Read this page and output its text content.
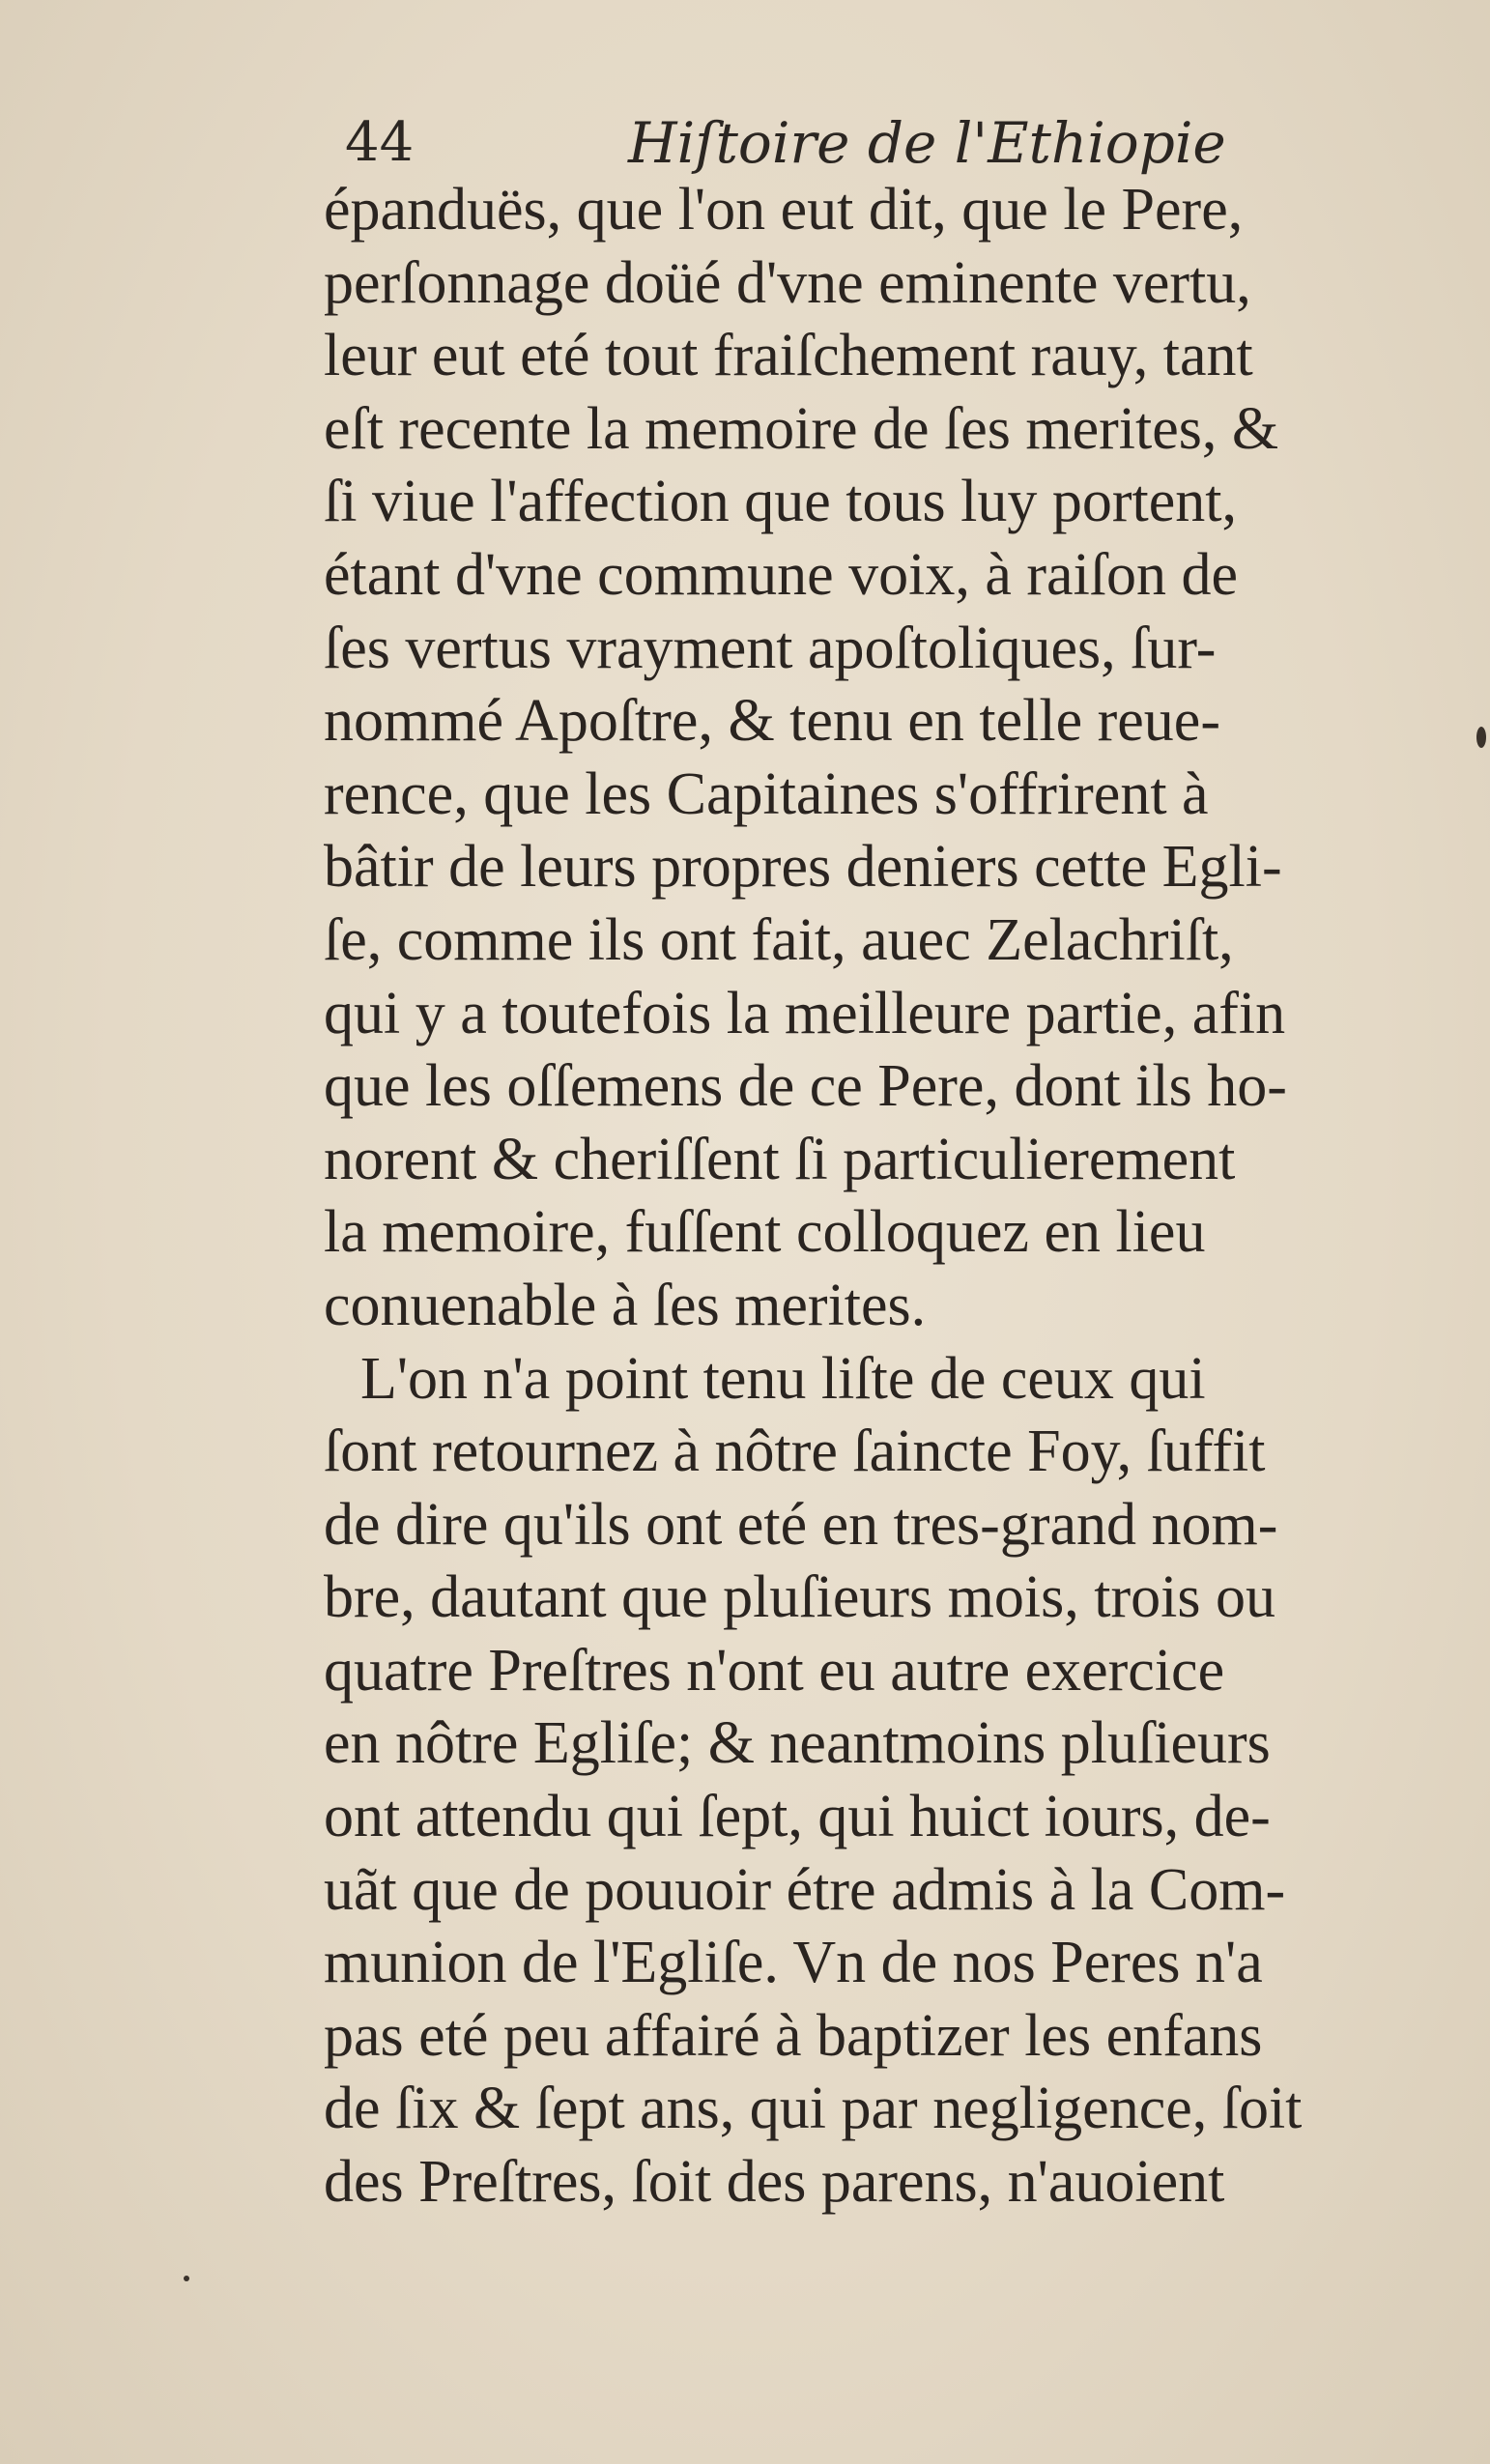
44	Hiſtoire de l'Ethiopie
épanduës, que l'on eut dit, que le Pere,
perſonnage doüé d'vne eminente vertu,
leur eut eté tout fraiſchement rauy, tant
eſt recente la memoire de ſes merites, &
ſi viue l'affection que tous luy portent,
étant d'vne commune voix, à raiſon de
ſes vertus vrayment apoſtoliques, ſur-
nommé Apoſtre, & tenu en telle reue-
rence, que les Capitaines s'offrirent à
bâtir de leurs propres deniers cette Egli-
ſe, comme ils ont fait, auec Zelachriſt,
qui y a toutefois la meilleure partie, afin
que les oſſemens de ce Pere, dont ils ho-
norent & cheriſſent ſi particulierement
la memoire, fuſſent colloquez en lieu
conuenable à ſes merites.
L'on n'a point tenu liſte de ceux qui
ſont retournez à nôtre ſaincte Foy, ſuffit
de dire qu'ils ont eté en tres-grand nom-
bre, dautant que pluſieurs mois, trois ou
quatre Preſtres n'ont eu autre exercice
en nôtre Egliſe; & neantmoins pluſieurs
ont attendu qui ſept, qui huict iours, de-
uãt que de pouuoir étre admis à la Com-
munion de l'Egliſe. Vn de nos Peres n'a
pas eté peu affairé à baptizer les enfans
de ſix & ſept ans, qui par negligence, ſoit
des Preſtres, ſoit des parens, n'auoient
